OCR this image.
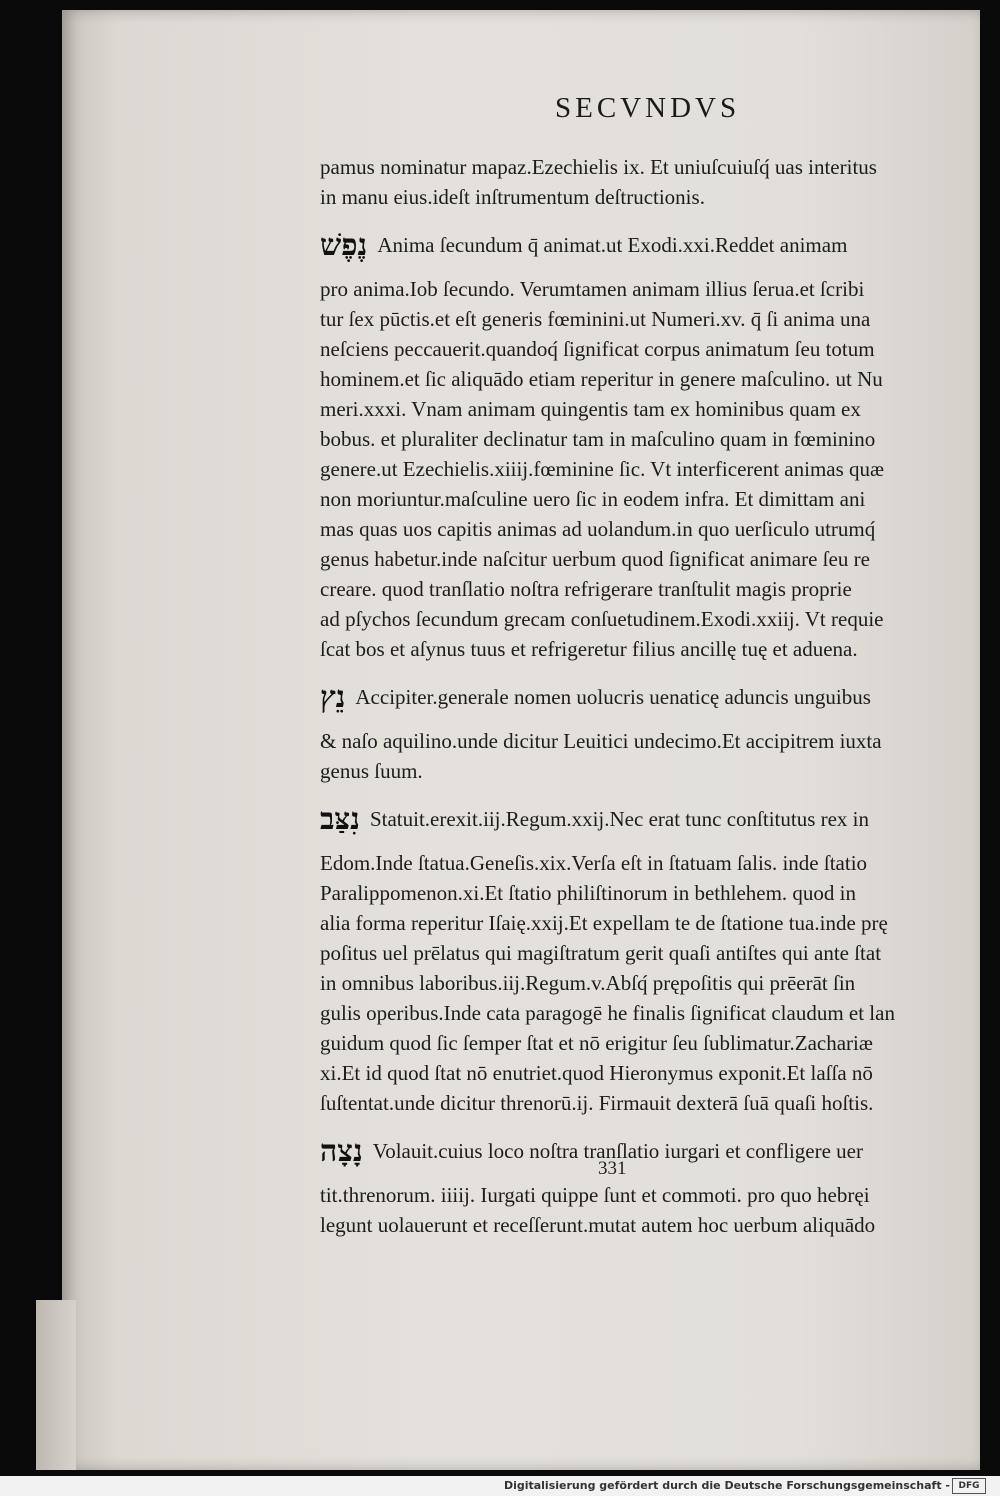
SECVNDVS
pamus nominatur mapaz.Ezechielis ix. Et uniuſcuiuſq́ uas interitus
in manu eius.ideſt inſtrumentum deſtructionis.
נֶפֶשׁ Anima ſecundum q̄ animat.ut Exodi.xxi.Reddet animam
pro anima.Iob ſecundo. Verumtamen animam illius ſerua.et ſcribi
tur ſex pūctis.et eſt generis fœminini.ut Numeri.xv. q̄ ſi anima una
neſciens peccauerit.quandoq́ ſignificat corpus animatum ſeu totum
hominem.et ſic aliquādo etiam reperitur in genere maſculino. ut Nu
meri.xxxi. Vnam animam quingentis tam ex hominibus quam ex
bobus. et pluraliter declinatur tam in maſculino quam in fœminino
genere.ut Ezechielis.xiiĳ.fœminine ſic. Vt interficerent animas quæ
non moriuntur.maſculine uero ſic in eodem infra. Et dimittam ani
mas quas uos capitis animas ad uolandum.in quo uerſiculo utrumq́
genus habetur.inde naſcitur uerbum quod ſignificat animare ſeu re
creare. quod tranſlatio noſtra refrigerare tranſtulit magis proprie
ad pſychos ſecundum grecam conſuetudinem.Exodi.xxiĳ. Vt requie
ſcat bos et aſynus tuus et refrigeretur filius ancillę tuę et aduena.
נֵץ Accipiter.generale nomen uolucris uenaticę aduncis unguibus
& naſo aquilino.unde dicitur Leuitici undecimo.Et accipitrem iuxta
genus ſuum.
נִצַּב Statuit.erexit.iĳ.Regum.xxĳ.Nec erat tunc conſtitutus rex in
Edom.Inde ſtatua.Geneſis.xix.Verſa eſt in ſtatuam ſalis. inde ſtatio
Paralippomenon.xi.Et ſtatio philiſtinorum in bethlehem. quod in
alia forma reperitur Iſaię.xxĳ.Et expellam te de ſtatione tua.inde prę
poſitus uel prēlatus qui magiſtratum gerit quaſi antiſtes qui ante ſtat
in omnibus laboribus.iĳ.Regum.v.Abſq́ prępoſitis qui prēerāt ſin
gulis operibus.Inde cata paragogē he finalis ſignificat claudum et lan
guidum quod ſic ſemper ſtat et nō erigitur ſeu ſublimatur.Zachariæ
xi.Et id quod ſtat nō enutriet.quod Hieronymus exponit.Et laſſa nō
ſuſtentat.unde dicitur threnorū.ĳ. Firmauit dexterā ſuā quaſi hoſtis.
נָצָה Volauit.cuius loco noſtra tranſlatio iurgari et confligere uer
tit.threnorum. iiiĳ. Iurgati quippe ſunt et commoti. pro quo hebręi
legunt uolauerunt et receſſerunt.mutat autem hoc uerbum aliquādo
331
Digitalisierung gefördert durch die Deutsche Forschungsgemeinschaft - DFG
